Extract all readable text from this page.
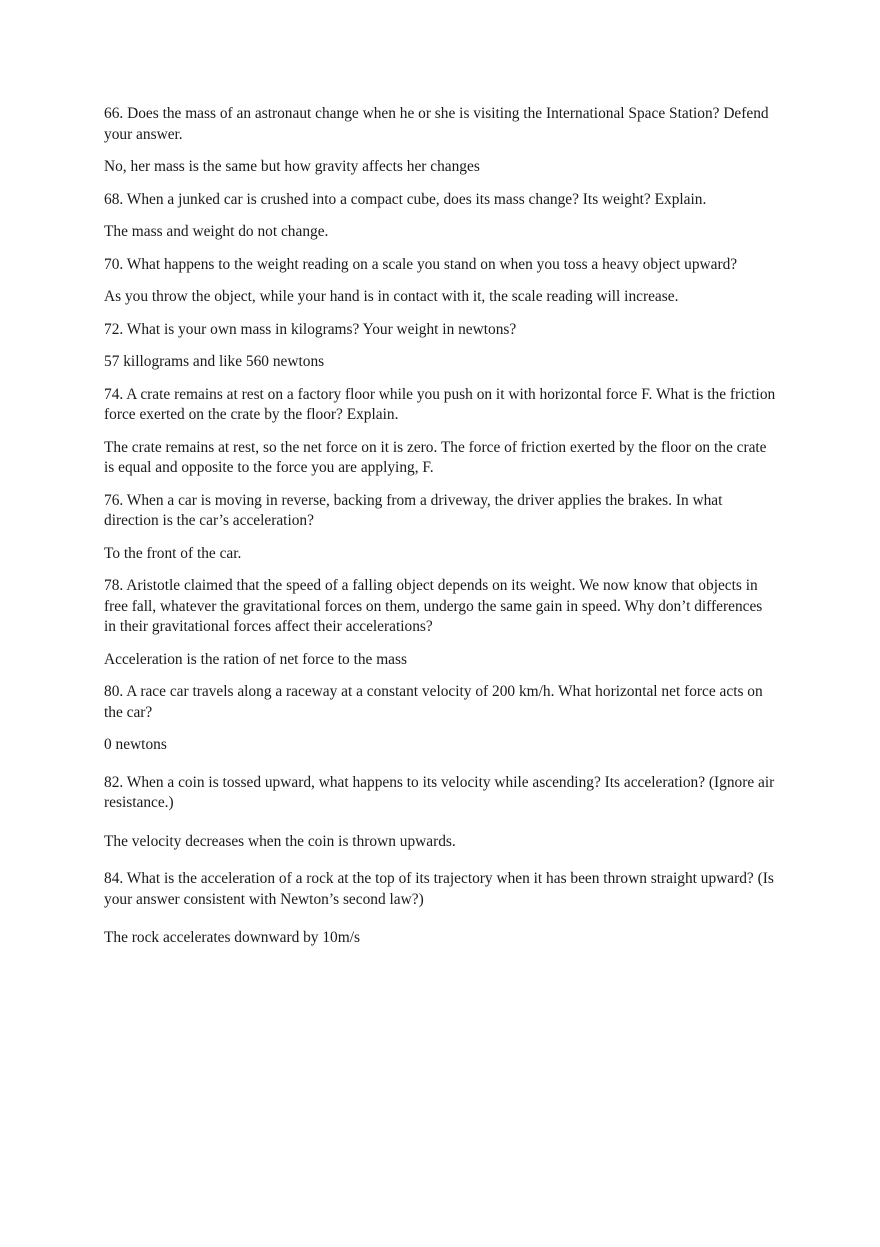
66. Does the mass of an astronaut change when he or she is visiting the International Space Station? Defend your answer.

No, her mass is the same but how gravity affects her changes

68. When a junked car is crushed into a compact cube, does its mass change? Its weight? Explain.

The mass and weight do not change.

70. What happens to the weight reading on a scale you stand on when you toss a heavy object upward?

As you throw the object, while your hand is in contact with it, the scale reading will increase.

72. What is your own mass in kilograms? Your weight in newtons?

57 killograms and like 560 newtons

74. A crate remains at rest on a factory floor while you push on it with horizontal force F. What is the friction force exerted on the crate by the floor? Explain.

The crate remains at rest, so the net force on it is zero. The force of friction exerted by the floor on the crate is equal and opposite to the force you are applying, F.

76. When a car is moving in reverse, backing from a driveway, the driver applies the brakes. In what direction is the car’s acceleration?

To the front of the car.

78. Aristotle claimed that the speed of a falling object depends on its weight. We now know that objects in free fall, whatever the gravitational forces on them, undergo the same gain in speed. Why don’t differences in their gravitational forces affect their accelerations?

Acceleration is the ration of net force to the mass

80. A race car travels along a raceway at a constant velocity of 200 km/h. What horizontal net force acts on the car?

0 newtons

82. When a coin is tossed upward, what happens to its velocity while ascending? Its acceleration? (Ignore air resistance.)

The velocity decreases when the coin is thrown upwards.

84. What is the acceleration of a rock at the top of its trajectory when it has been thrown straight upward? (Is your answer consistent with Newton’s second law?)

The rock accelerates downward by 10m/s
